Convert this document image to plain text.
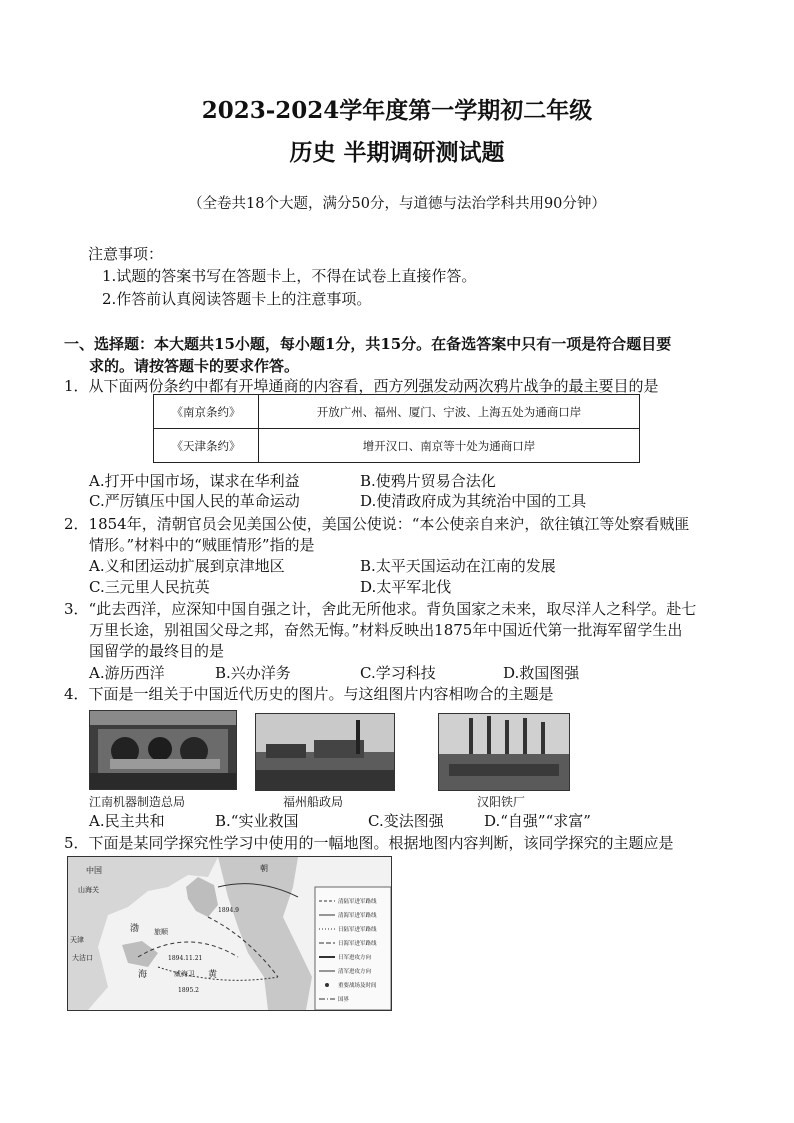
2023-2024学年度第一学期初二年级
历史 半期调研测试题
（全卷共18个大题，满分50分，与道德与法治学科共用90分钟）
注意事项：
1.试题的答案书写在答题卡上，不得在试卷上直接作答。
2.作答前认真阅读答题卡上的注意事项。
一、选择题：本大题共15小题，每小题1分，共15分。在备选答案中只有一项是符合题目要
求的。请按答题卡的要求作答。
1．从下面两份条约中都有开埠通商的内容看，西方列强发动两次鸦片战争的最主要目的是
《南京条约》	开放广州、福州、厦门、宁波、上海五处为通商口岸
《天津条约》	增开汉口、南京等十处为通商口岸
A.打开中国市场，谋求在华利益	B.使鸦片贸易合法化
C.严厉镇压中国人民的革命运动	D.使清政府成为其统治中国的工具
2．1854年，清朝官员会见美国公使，美国公使说：“本公使亲自来沪，欲往镇江等处察看贼匪
情形。”材料中的“贼匪情形”指的是
A.义和团运动扩展到京津地区	B.太平天国运动在江南的发展
C.三元里人民抗英	D.太平军北伐
3．“此去西洋，应深知中国自强之计，舍此无所他求。背负国家之未来，取尽洋人之科学。赴七
万里长途，别祖国父母之邦，奋然无悔。”材料反映出1875年中国近代第一批海军留学生出
国留学的最终目的是
A.游历西洋	B.兴办洋务	C.学习科技	D.救国图强
4．下面是一组关于中国近代历史的图片。与这组图片内容相吻合的主题是
江南机器制造总局	福州船政局	汉阳铁厂
A.民主共和	B.“实业救国	C.变法图强	D.“自强”“求富”
5．下面是某同学探究性学习中使用的一幅地图。根据地图内容判断，该同学探究的主题应是
中国	朝
山海关
天津
大沽口
渤
海
旅顺
威海卫 黄
1894.9
1894.11.21
1895.2
清陆军进军路线
清海军进军路线
日陆军进军路线
日海军进军路线
日军进攻方向
清军进攻方向
重要战场及时间
国界
